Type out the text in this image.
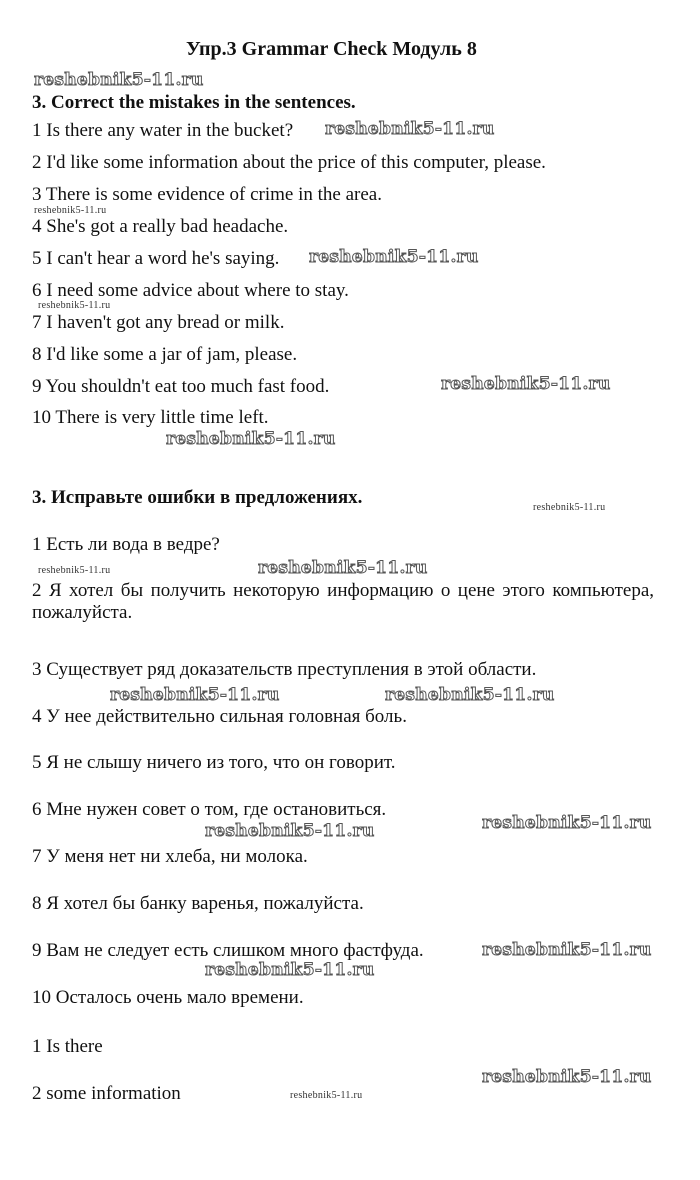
Упр.3 Grammar Check Модуль 8
3. Correct the mistakes in the sentences.
1 Is there any water in the bucket?
2 I'd like some information about the price of this computer, please.
3 There is some evidence of crime in the area.
4 She's got a really bad headache.
5 I can't hear a word he's saying.
6 I need some advice about where to stay.
7 I haven't got any bread or milk.
8 I'd like some a jar of jam, please.
9 You shouldn't eat too much fast food.
10 There is very little time left.
3. Исправьте ошибки в предложениях.
1 Есть ли вода в ведре?
2 Я хотел бы получить некоторую информацию о цене этого компьютера, пожалуйста.
3 Существует ряд доказательств преступления в этой области.
4 У нее действительно сильная головная боль.
5 Я не слышу ничего из того, что он говорит.
6 Мне нужен совет о том, где остановиться.
7 У меня нет ни хлеба, ни молока.
8 Я хотел бы банку варенья, пожалуйста.
9 Вам не следует есть слишком много фастфуда.
10 Осталось очень мало времени.
1 Is there
2 some information
reshebnik5-11.ru
reshebnik5-11.ru
reshebnik5-11.ru
reshebnik5-11.ru
reshebnik5-11.ru
reshebnik5-11.ru
reshebnik5-11.ru
reshebnik5-11.ru
reshebnik5-11.ru	reshebnik5-11.ru
reshebnik5-11.ru	reshebnik5-11.ru
reshebnik5-11.ru	reshebnik5-11.ru
reshebnik5-11.ru
reshebnik5-11.ru
reshebnik5-11.ru
reshebnik5-11.ru
